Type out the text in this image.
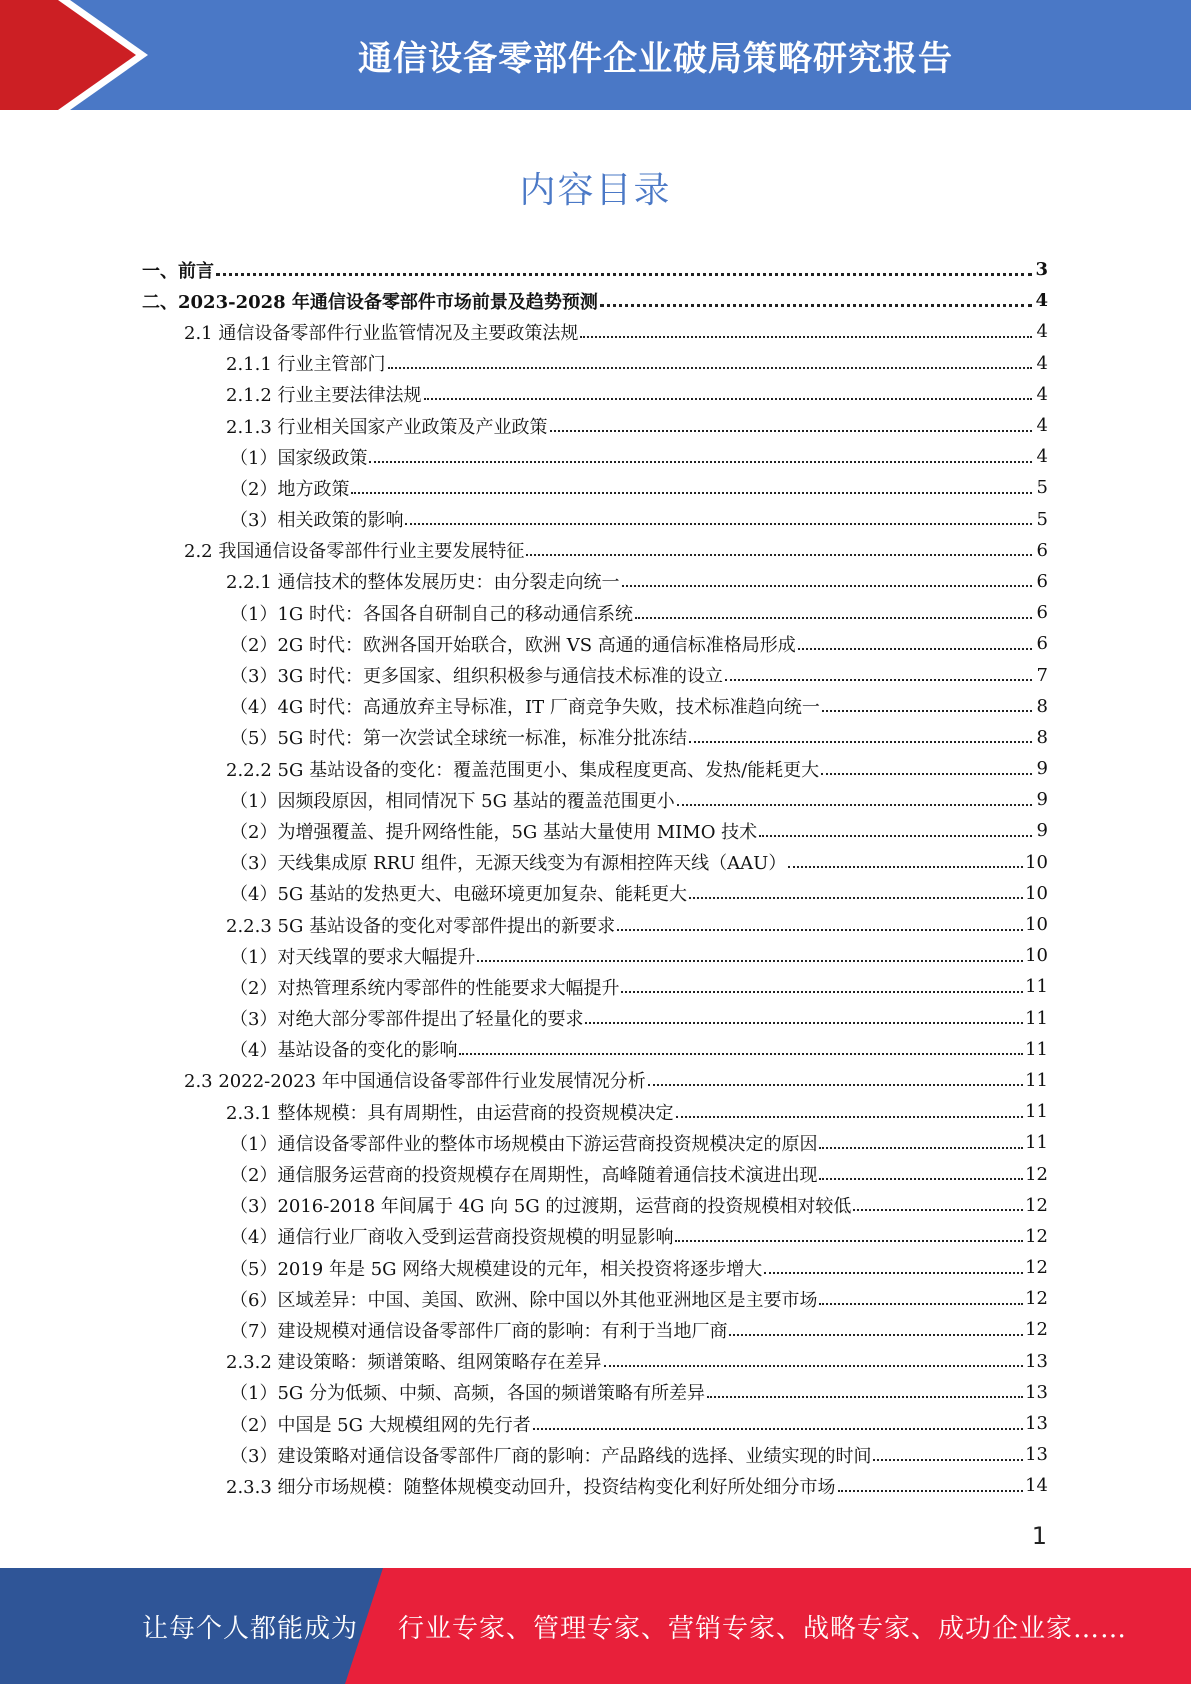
通信设备零部件企业破局策略研究报告
内容目录
一、前言	3
二、2023-2028 年通信设备零部件市场前景及趋势预测	4
2.1 通信设备零部件行业监管情况及主要政策法规	4
2.1.1 行业主管部门	4
2.1.2 行业主要法律法规	4
2.1.3 行业相关国家产业政策及产业政策	4
（1）国家级政策	4
（2）地方政策	5
（3）相关政策的影响	5
2.2 我国通信设备零部件行业主要发展特征	6
2.2.1 通信技术的整体发展历史：由分裂走向统一	6
（1）1G 时代：各国各自研制自己的移动通信系统	6
（2）2G 时代：欧洲各国开始联合，欧洲 VS 高通的通信标准格局形成	6
（3）3G 时代：更多国家、组织积极参与通信技术标准的设立	7
（4）4G 时代：高通放弃主导标准，IT 厂商竞争失败，技术标准趋向统一	8
（5）5G 时代：第一次尝试全球统一标准，标准分批冻结	8
2.2.2 5G 基站设备的变化：覆盖范围更小、集成程度更高、发热/能耗更大	9
（1）因频段原因，相同情况下 5G 基站的覆盖范围更小	9
（2）为增强覆盖、提升网络性能，5G 基站大量使用 MIMO 技术	9
（3）天线集成原 RRU 组件，无源天线变为有源相控阵天线（AAU）	10
（4）5G 基站的发热更大、电磁环境更加复杂、能耗更大	10
2.2.3 5G 基站设备的变化对零部件提出的新要求	10
（1）对天线罩的要求大幅提升	10
（2）对热管理系统内零部件的性能要求大幅提升	11
（3）对绝大部分零部件提出了轻量化的要求	11
（4）基站设备的变化的影响	11
2.3 2022-2023 年中国通信设备零部件行业发展情况分析	11
2.3.1 整体规模：具有周期性，由运营商的投资规模决定	11
（1）通信设备零部件业的整体市场规模由下游运营商投资规模决定的原因	11
（2）通信服务运营商的投资规模存在周期性，高峰随着通信技术演进出现	12
（3）2016-2018 年间属于 4G 向 5G 的过渡期，运营商的投资规模相对较低	12
（4）通信行业厂商收入受到运营商投资规模的明显影响	12
（5）2019 年是 5G 网络大规模建设的元年，相关投资将逐步增大	12
（6）区域差异：中国、美国、欧洲、除中国以外其他亚洲地区是主要市场	12
（7）建设规模对通信设备零部件厂商的影响：有利于当地厂商	12
2.3.2 建设策略：频谱策略、组网策略存在差异	13
（1）5G 分为低频、中频、高频，各国的频谱策略有所差异	13
（2）中国是 5G 大规模组网的先行者	13
（3）建设策略对通信设备零部件厂商的影响：产品路线的选择、业绩实现的时间	13
2.3.3 细分市场规模：随整体规模变动回升，投资结构变化利好所处细分市场	14
1
让每个人都能成为 行业专家、管理专家、营销专家、战略专家、成功企业家……
